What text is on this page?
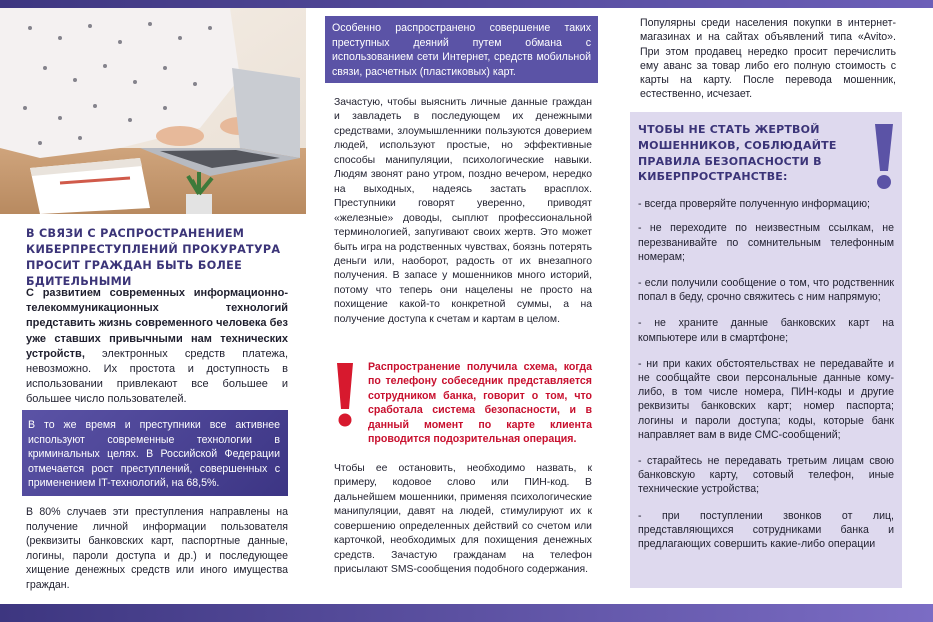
В СВЯЗИ С РАСПРОСТРАНЕНИЕМ КИБЕРПРЕСТУПЛЕНИЙ ПРОКУРАТУРА ПРОСИТ ГРАЖДАН БЫТЬ БОЛЕЕ БДИТЕЛЬНЫМИ
С развитием современных информационно-телекоммуникационных технологий представить жизнь современного человека без уже ставших привычными нам технических устройств, электронных средств платежа, невозможно. Их простота и доступность в использовании привлекают все большее и большее число пользователей.
В то же время и преступники все активнее используют современные технологии в криминальных целях. В Российской Федерации отмечается рост преступлений, совершенных с применением IT-технологий, на 68,5%.
В 80% случаев эти преступления направлены на получение личной информации пользователя (реквизиты банковских карт, паспортные данные, логины, пароли доступа и др.) и последующее хищение денежных средств или иного имущества граждан.
Особенно распространено совершение таких преступных деяний путем обмана с использованием сети Интернет, средств мобильной связи, расчетных (пластиковых) карт.
Зачастую, чтобы выяснить личные данные граждан и завладеть в последующем их денежными средствами, злоумышленники пользуются доверием людей, используют простые, но эффективные способы манипуляции, психологические навыки. Людям звонят рано утром, поздно вечером, нередко на выходных, надеясь застать врасплох. Преступники говорят уверенно, приводят «железные» доводы, сыплют профессиональной терминологией, запугивают своих жертв. Это может быть игра на родственных чувствах, боязнь потерять деньги или, наоборот, радость от их внезапного получения. В запасе у мошенников много историй, потому что теперь они нацелены не просто на похищение какой-то конкретной суммы, а на получение доступа к счетам и картам в целом.
Распространение получила схема, когда по телефону собеседник представляется сотрудником банка, говорит о том, что сработала система безопасности, и в данный момент по карте клиента проводится подозрительная операция.
Чтобы ее остановить, необходимо назвать, к примеру, кодовое слово или ПИН-код. В дальнейшем мошенники, применяя психологические манипуляции, давят на людей, стимулируют их к совершению определенных действий со счетом или карточкой, необходимых для похищения денежных средств. Зачастую гражданам на телефон присылают SMS-сообщения подобного содержания.
Популярны среди населения покупки в интернет-магазинах и на сайтах объявлений типа «Avito». При этом продавец нередко просит перечислить ему аванс за товар либо его полную стоимость с карты на карту. После перевода мошенник, естественно, исчезает.
ЧТОБЫ НЕ СТАТЬ ЖЕРТВОЙ МОШЕННИКОВ, СОБЛЮДАЙТЕ ПРАВИЛА БЕЗОПАСНОСТИ В КИБЕРПРОСТРАНСТВЕ:
- всегда проверяйте полученную информацию;
- не переходите по неизвестным ссылкам, не перезванивайте по сомнительным телефонным номерам;
- если получили сообщение о том, что родственник попал в беду, срочно свяжитесь с ним напрямую;
- не храните данные банковских карт на компьютере или в смартфоне;
- ни при каких обстоятельствах не передавайте и не сообщайте свои персональные данные кому-либо, в том числе номера, ПИН-коды и другие реквизиты банковских карт; номер паспорта; логины и пароли доступа; коды, которые банк направляет вам в виде СМС-сообщений;
- старайтесь не передавать третьим лицам свою банковскую карту, сотовый телефон, иные технические устройства;
- при поступлении звонков от лиц, представляющихся сотрудниками банка и предлагающих совершить какие-либо операции
